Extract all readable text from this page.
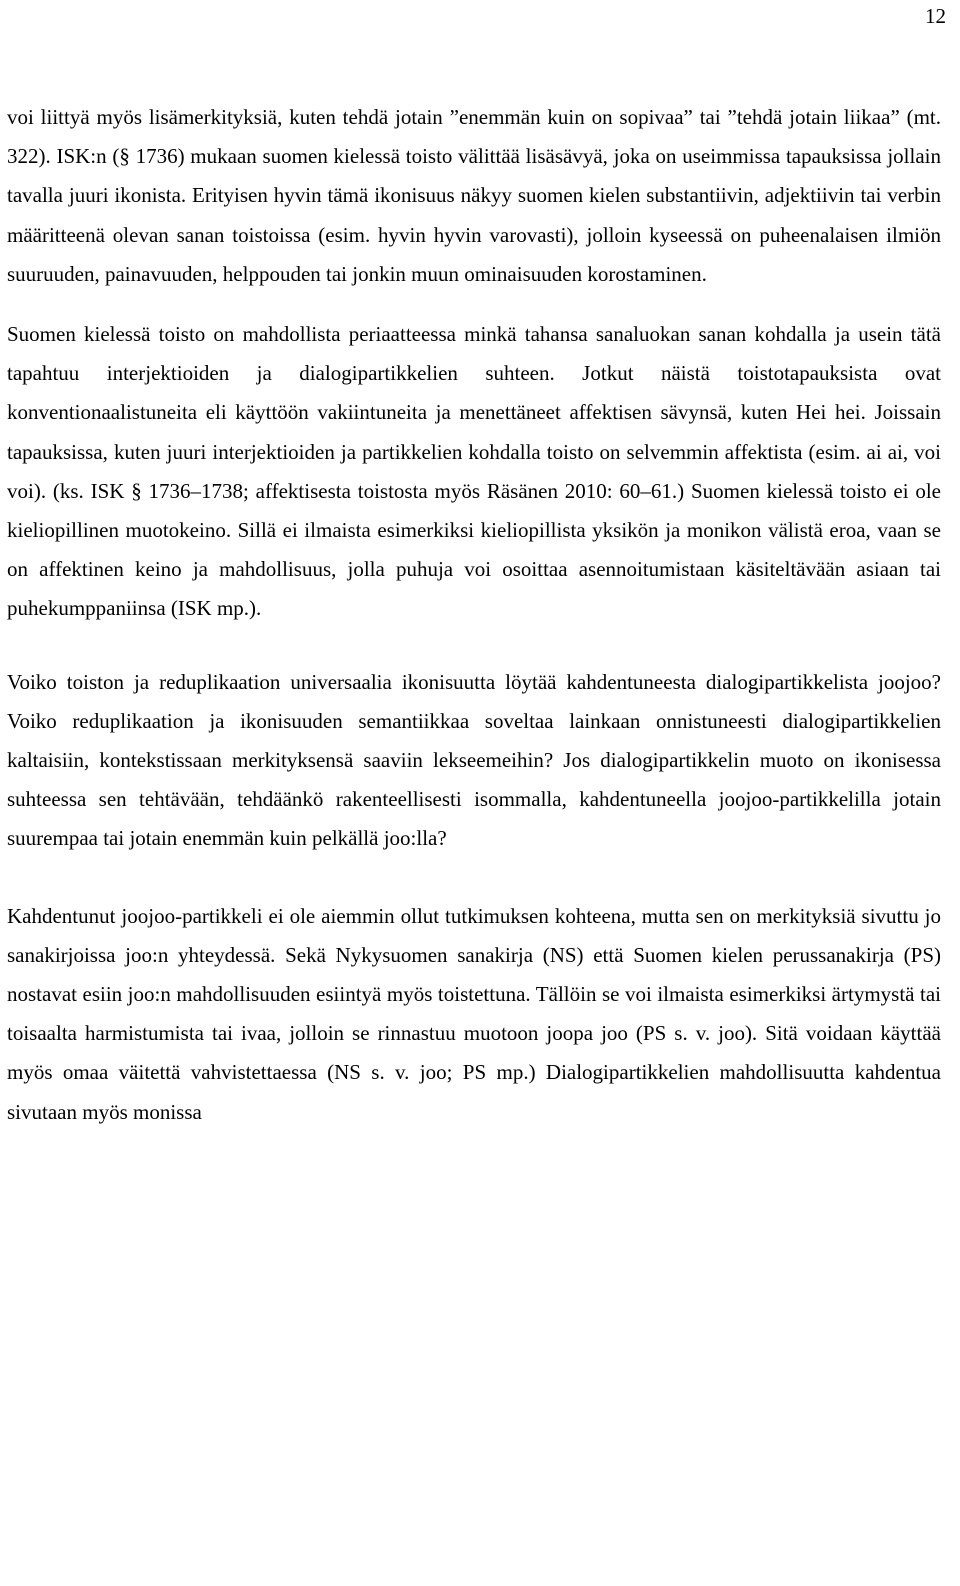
12

voi liittyä myös lisämerkityksiä, kuten tehdä jotain ”enemmän kuin on sopivaa” tai ”tehdä jotain liikaa” (mt. 322). ISK:n (§ 1736) mukaan suomen kielessä toisto välittää lisäsävyä, joka on useimmissa tapauksissa jollain tavalla juuri ikonista. Erityisen hyvin tämä ikonisuus näkyy suomen kielen substantiivin, adjektiivin tai verbin määritteenä olevan sanan toistoissa (esim. hyvin hyvin varovasti), jolloin kyseessä on puheenalaisen ilmiön suuruuden, painavuuden, helppouden tai jonkin muun ominaisuuden korostaminen.

Suomen kielessä toisto on mahdollista periaatteessa minkä tahansa sanaluokan sanan kohdalla ja usein tätä tapahtuu interjektioiden ja dialogipartikkelien suhteen. Jotkut näistä toistotapauksista ovat konventionaalistuneita eli käyttöön vakiintuneita ja menettäneet affektisen sävynsä, kuten Hei hei. Joissain tapauksissa, kuten juuri interjektioiden ja partikkelien kohdalla toisto on selvemmin affektista (esim. ai ai, voi voi). (ks. ISK § 1736–1738; affektisesta toistosta myös Räsänen 2010: 60–61.) Suomen kielessä toisto ei ole kieliopillinen muotokeino. Sillä ei ilmaista esimerkiksi kieliopillista yksikön ja monikon välistä eroa, vaan se on affektinen keino ja mahdollisuus, jolla puhuja voi osoittaa asennoitumistaan käsiteltävään asiaan tai puhekumppaniinsa (ISK mp.).

Voiko toiston ja reduplikaation universaalia ikonisuutta löytää kahdentuneesta dialogipartikkelista joojoo? Voiko reduplikaation ja ikonisuuden semantiikkaa soveltaa lainkaan onnistuneesti dialogipartikkelien kaltaisiin, kontekstissaan merkityksensä saaviin lekseemeihin? Jos dialogipartikkelin muoto on ikonisessa suhteessa sen tehtävään, tehdäänkö rakenteellisesti isommalla, kahdentuneella joojoo-partikkelilla jotain suurempaa tai jotain enemmän kuin pelkällä joo:lla?

Kahdentunut joojoo-partikkeli ei ole aiemmin ollut tutkimuksen kohteena, mutta sen on merkityksiä sivuttu jo sanakirjoissa joo:n yhteydessä. Sekä Nykysuomen sanakirja (NS) että Suomen kielen perussanakirja (PS) nostavat esiin joo:n mahdollisuuden esiintyä myös toistettuna. Tällöin se voi ilmaista esimerkiksi ärtymystä tai toisaalta harmistumista tai ivaa, jolloin se rinnastuu muotoon joopa joo (PS s. v. joo). Sitä voidaan käyttää myös omaa väitettä vahvistettaessa (NS s. v. joo; PS mp.) Dialogipartikkelien mahdollisuutta kahdentua sivutaan myös monissa
